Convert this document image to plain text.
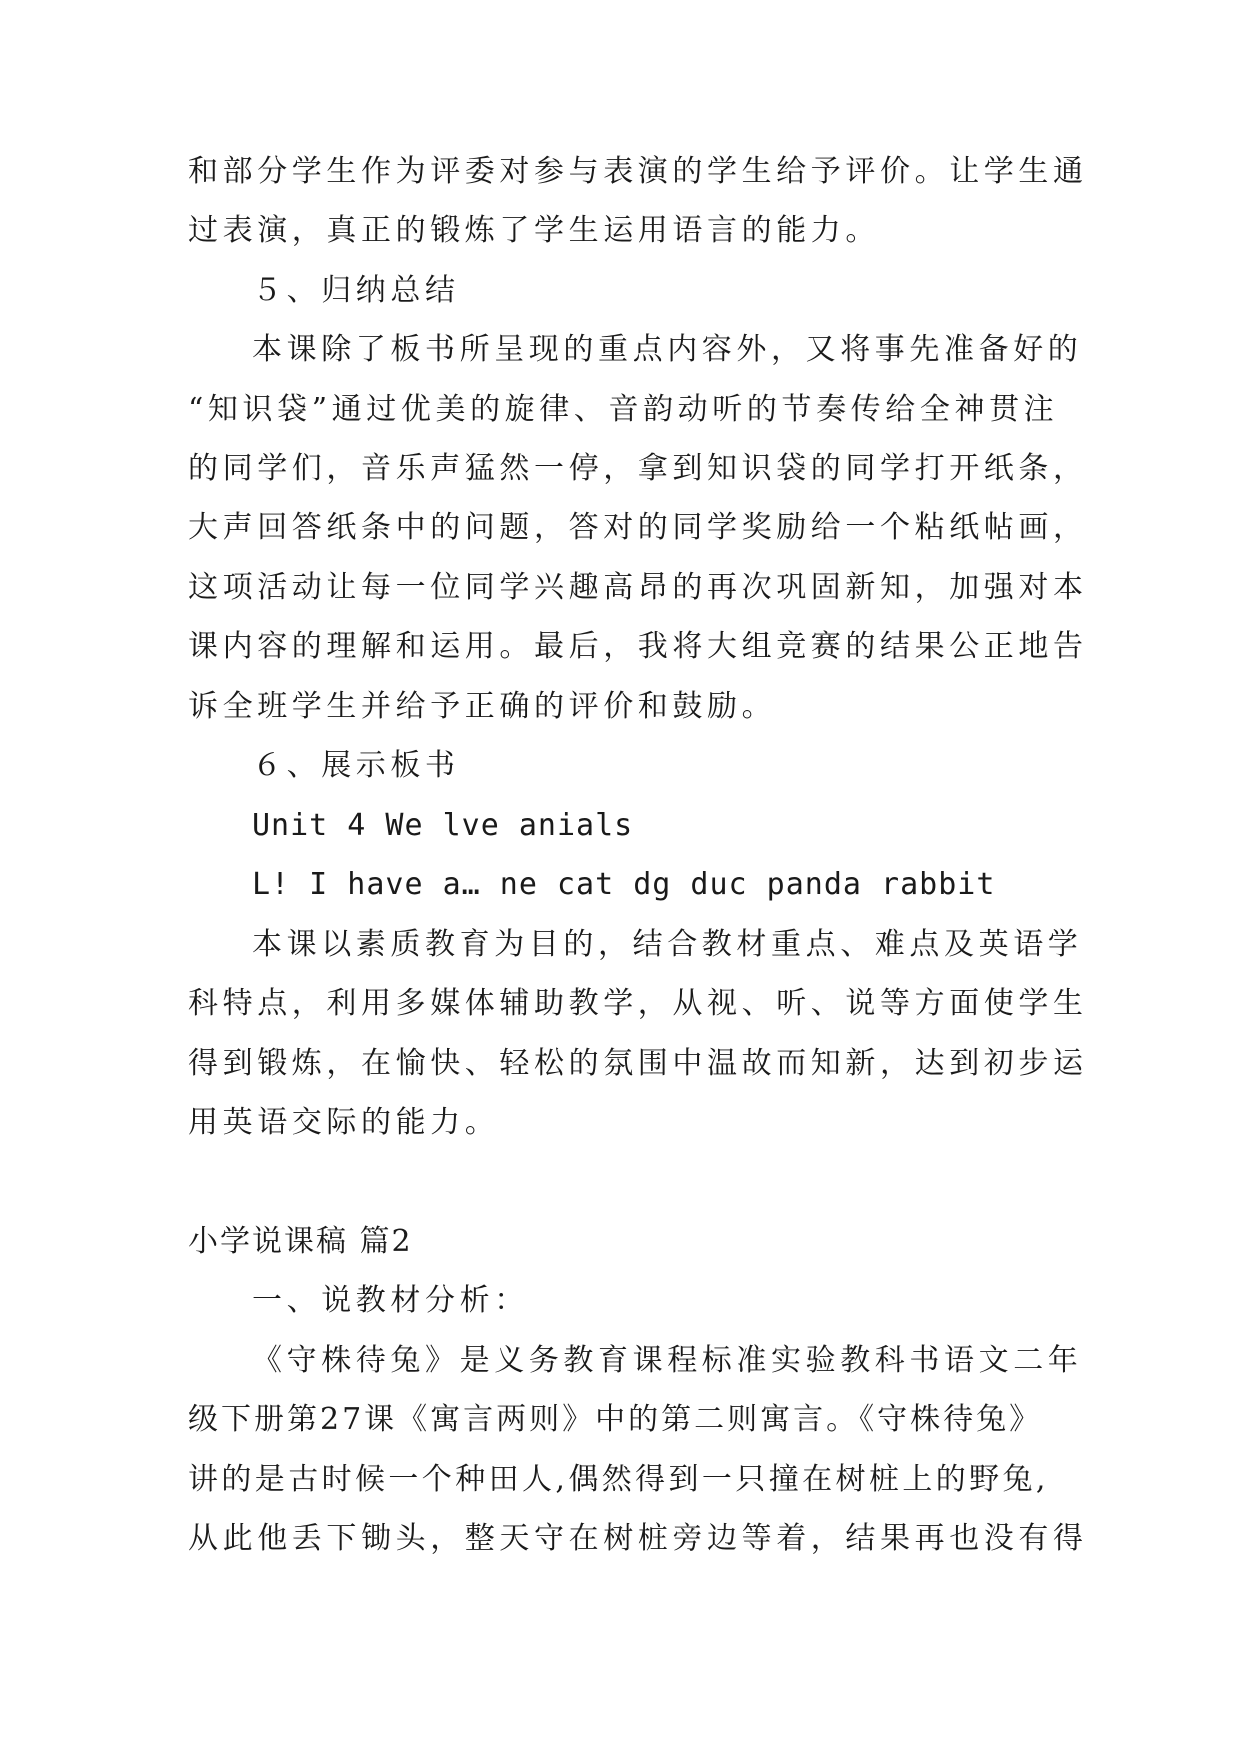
和部分学生作为评委对参与表演的学生给予评价。让学生通
过表演，真正的锻炼了学生运用语言的能力。
５、归纳总结
本课除了板书所呈现的重点内容外，又将事先准备好的
“知识袋”通过优美的旋律、音韵动听的节奏传给全神贯注
的同学们，音乐声猛然一停，拿到知识袋的同学打开纸条，
大声回答纸条中的问题，答对的同学奖励给一个粘纸帖画，
这项活动让每一位同学兴趣高昂的再次巩固新知，加强对本
课内容的理解和运用。最后，我将大组竞赛的结果公正地告
诉全班学生并给予正确的评价和鼓励。
６、展示板书
Unit 4 We lve anials
L! I have a… ne cat dg duc panda rabbit
本课以素质教育为目的，结合教材重点、难点及英语学
科特点，利用多媒体辅助教学，从视、听、说等方面使学生
得到锻炼，在愉快、轻松的氛围中温故而知新，达到初步运
用英语交际的能力。
小学说课稿 篇2
一、说教材分析：
《守株待兔》是义务教育课程标准实验教科书语文二年
级下册第27课《寓言两则》中的第二则寓言。《守株待兔》
讲的是古时候一个种田人,偶然得到一只撞在树桩上的野兔,
从此他丢下锄头，整天守在树桩旁边等着，结果再也没有得
